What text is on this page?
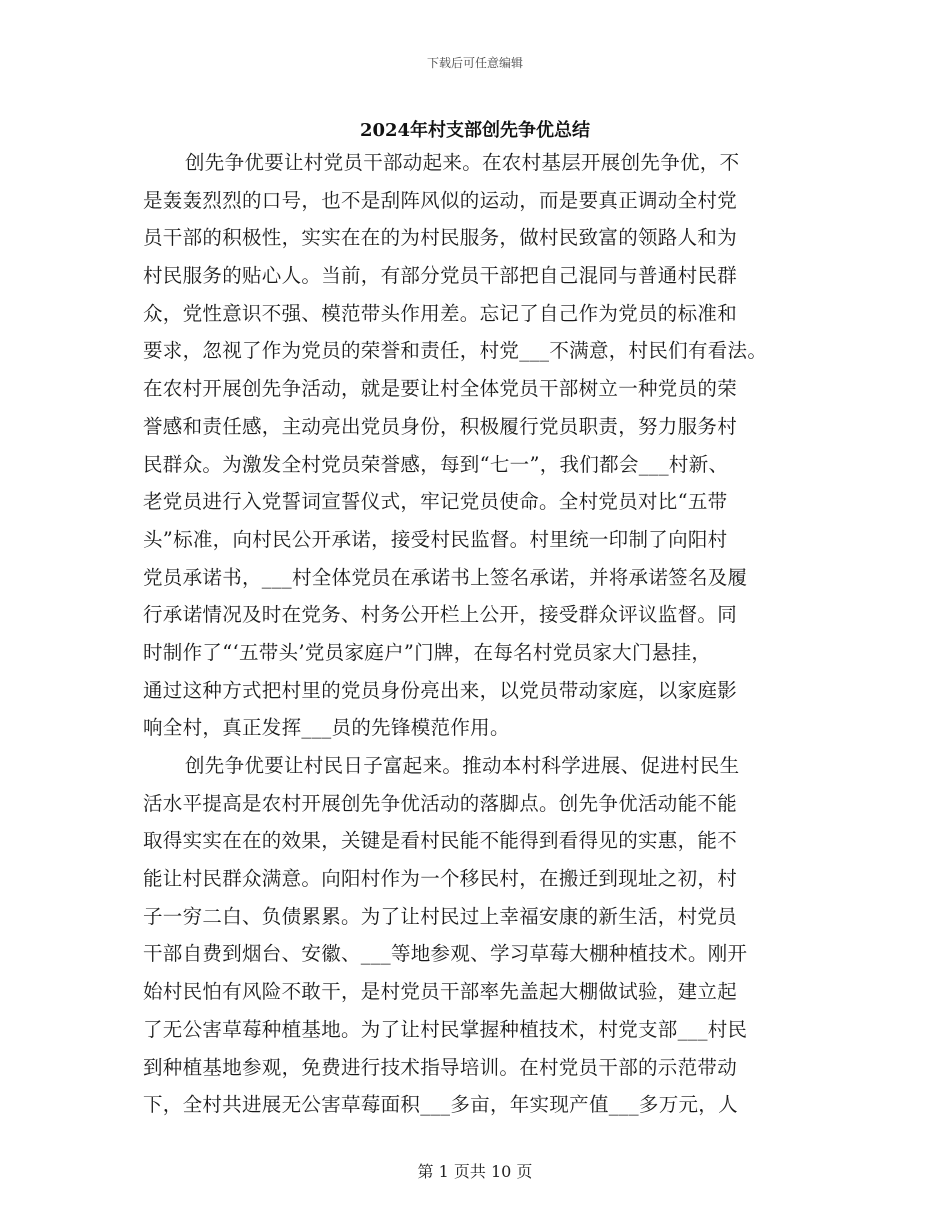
下载后可任意编辑
2024年村支部创先争优总结
创先争优要让村党员干部动起来。在农村基层开展创先争优，不
是轰轰烈烈的口号，也不是刮阵风似的运动，而是要真正调动全村党
员干部的积极性，实实在在的为村民服务，做村民致富的领路人和为
村民服务的贴心人。当前，有部分党员干部把自己混同与普通村民群
众，党性意识不强、模范带头作用差。忘记了自己作为党员的标准和
要求，忽视了作为党员的荣誉和责任，村党___不满意，村民们有看法。
在农村开展创先争活动，就是要让村全体党员干部树立一种党员的荣
誉感和责任感，主动亮出党员身份，积极履行党员职责，努力服务村
民群众。为激发全村党员荣誉感，每到“七一”，我们都会___村新、
老党员进行入党誓词宣誓仪式，牢记党员使命。全村党员对比“五带
头”标准，向村民公开承诺，接受村民监督。村里统一印制了向阳村
党员承诺书，___村全体党员在承诺书上签名承诺，并将承诺签名及履
行承诺情况及时在党务、村务公开栏上公开，接受群众评议监督。同
时制作了“‘五带头’党员家庭户”门牌，在每名村党员家大门悬挂，
通过这种方式把村里的党员身份亮出来，以党员带动家庭，以家庭影
响全村，真正发挥___员的先锋模范作用。
创先争优要让村民日子富起来。推动本村科学进展、促进村民生
活水平提高是农村开展创先争优活动的落脚点。创先争优活动能不能
取得实实在在的效果，关键是看村民能不能得到看得见的实惠，能不
能让村民群众满意。向阳村作为一个移民村，在搬迁到现址之初，村
子一穷二白、负债累累。为了让村民过上幸福安康的新生活，村党员
干部自费到烟台、安徽、___等地参观、学习草莓大棚种植技术。刚开
始村民怕有风险不敢干，是村党员干部率先盖起大棚做试验，建立起
了无公害草莓种植基地。为了让村民掌握种植技术，村党支部___村民
到种植基地参观，免费进行技术指导培训。在村党员干部的示范带动
下，全村共进展无公害草莓面积___多亩，年实现产值___多万元，人
第 1 页共 10 页
